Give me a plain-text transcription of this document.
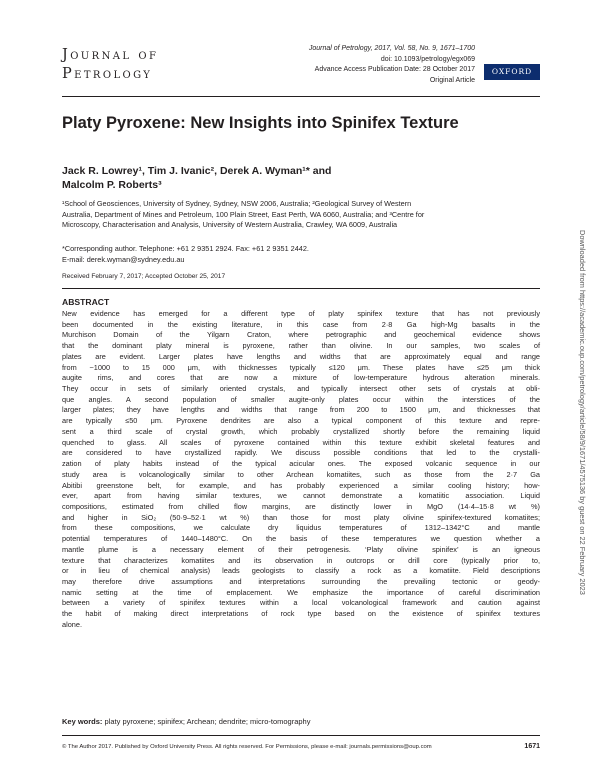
Journal of
Petrology
Journal of Petrology, 2017, Vol. 58, No. 9, 1671–1700
doi: 10.1093/petrology/egx069
Advance Access Publication Date: 28 October 2017
Original Article
OXFORD
Platy Pyroxene: New Insights into Spinifex Texture
Jack R. Lowrey¹, Tim J. Ivanic², Derek A. Wyman¹* and
Malcolm P. Roberts³
¹School of Geosciences, University of Sydney, Sydney, NSW 2006, Australia; ²Geological Survey of Western
Australia, Department of Mines and Petroleum, 100 Plain Street, East Perth, WA 6060, Australia; and ³Centre for
Microscopy, Characterisation and Analysis, University of Western Australia, Crawley, WA 6009, Australia
*Corresponding author. Telephone: +61 2 9351 2924. Fax: +61 2 9351 2442.
E-mail: derek.wyman@sydney.edu.au
Received February 7, 2017; Accepted October 25, 2017
ABSTRACT
New evidence has emerged for a different type of platy spinifex texture that has not previously
been documented in the existing literature, in this case from 2·8 Ga high-Mg basalts in the
Murchison Domain of the Yilgarn Craton, where petrographic and geochemical evidence shows
that the dominant platy mineral is pyroxene, rather than olivine. In our samples, two scales of
plates are evident. Larger plates have lengths and widths that are approximately equal and range
from ~1000 to 15 000 μm, with thicknesses typically ≤120 μm. These plates have ≤25 μm thick
augite rims, and cores that are now a mixture of low-temperature hydrous alteration minerals.
They occur in sets of similarly oriented crystals, and typically intersect other sets of crystals at obli-
que angles. A second population of smaller augite-only plates occur within the interstices of the
larger plates; they have lengths and widths that range from 200 to 1500 μm, and thicknesses that
are typically ≤50 μm. Pyroxene dendrites are also a typical component of this texture and repre-
sent a third scale of crystal growth, which probably crystallized shortly before the remaining liquid
quenched to glass. All scales of pyroxene contained within this texture exhibit skeletal features and
are considered to have crystallized rapidly. We discuss possible conditions that led to the crystalli-
zation of platy habits instead of the typical acicular ones. The exposed volcanic sequence in our
study area is volcanologically similar to other Archean komatiites, such as those from the 2·7 Ga
Abitibi greenstone belt, for example, and has probably experienced a similar cooling history; how-
ever, apart from having similar textures, we cannot demonstrate a komatiitic association. Liquid
compositions, estimated from chilled flow margins, are distinctly lower in MgO (14·4–15·8 wt %)
and higher in SiO₂ (50·9–52·1 wt %) than those for most platy olivine spinifex-textured komatiites;
from these compositions, we calculate dry liquidus temperatures of 1312–1342°C and mantle
potential temperatures of 1440–1480°C. On the basis of these temperatures we question whether a
mantle plume is a necessary element of their petrogenesis. ‘Platy olivine spinifex’ is an igneous
texture that characterizes komatiites and its observation in outcrops or drill core (typically prior to,
or in lieu of chemical analysis) leads geologists to classify a rock as a komatiite. Field descriptions
may therefore drive assumptions and interpretations surrounding the prevailing tectonic or geody-
namic setting at the time of emplacement. We emphasize the importance of careful discrimination
between a variety of spinifex textures within a local volcanological framework and caution against
the habit of making direct interpretations of rock type based on the existence of spinifex textures
alone.
Key words: platy pyroxene; spinifex; Archean; dendrite; micro-tomography
© The Author 2017. Published by Oxford University Press. All rights reserved. For Permissions, please e-mail: journals.permissions@oup.com	1671
Downloaded from https://academic.oup.com/petrology/article/58/9/1671/4575136 by guest on 22 February 2023
